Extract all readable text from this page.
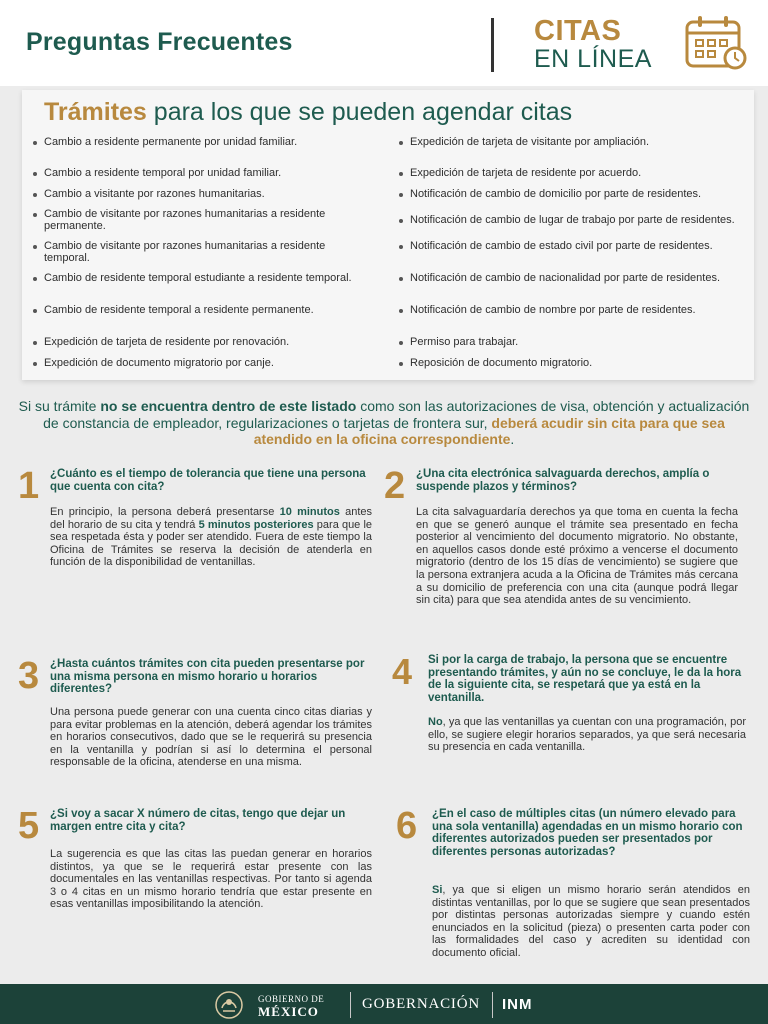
Preguntas Frecuentes	CITAS
EN LÍNEA
Trámites para los que se pueden agendar citas
Cambio a residente permanente por unidad familiar.
Cambio a residente temporal por unidad familiar.
Cambio a visitante por razones humanitarias.
Cambio de visitante por razones humanitarias a residente permanente.
Cambio de visitante por razones humanitarias a residente temporal.
Cambio de residente temporal estudiante a residente temporal.
Cambio de residente temporal a residente permanente.
Expedición de tarjeta de residente por renovación.
Expedición de documento migratorio por canje.
Expedición de tarjeta de visitante por ampliación.
Expedición de tarjeta de residente por acuerdo.
Notificación de cambio de domicilio por parte de residentes.
Notificación de cambio de lugar de trabajo por parte de residentes.
Notificación de cambio de estado civil por parte de residentes.
Notificación de cambio de nacionalidad por parte de residentes.
Notificación de cambio de nombre por parte de residentes.
Permiso para trabajar.
Reposición de documento migratorio.
Si su trámite no se encuentra dentro de este listado como son las autorizaciones de visa, obtención y actualización de constancia de empleador, regularizaciones o tarjetas de frontera sur, deberá acudir sin cita para que sea atendido en la oficina correspondiente.
1 ¿Cuánto es el tiempo de tolerancia que tiene una persona que cuenta con cita?
En principio, la persona deberá presentarse 10 minutos antes del horario de su cita y tendrá 5 minutos posteriores para que le sea respetada ésta y poder ser atendido. Fuera de este tiempo la Oficina de Trámites se reserva la decisión de atenderla en función de la disponibilidad de ventanillas.
2 ¿Una cita electrónica salvaguarda derechos, amplía o suspende plazos y términos?
La cita salvaguardaría derechos ya que toma en cuenta la fecha en que se generó aunque el trámite sea presentado en fecha posterior al vencimiento del documento migratorio. No obstante, en aquellos casos donde esté próximo a vencerse el documento migratorio (dentro de los 15 días de vencimiento) se sugiere que la persona extranjera acuda a la Oficina de Trámites más cercana a su domicilio de preferencia con una cita (aunque podrá llegar sin cita) para que sea atendida antes de su vencimiento.
3 ¿Hasta cuántos trámites con cita pueden presentarse por una misma persona en mismo horario u horarios diferentes?
Una persona puede generar con una cuenta cinco citas diarias y para evitar problemas en la atención, deberá agendar los trámites en horarios consecutivos, dado que se le requerirá su presencia en la ventanilla y podrían si así lo determina el personal responsable de la oficina, atenderse en una misma.
4 Si por la carga de trabajo, la persona que se encuentre presentando trámites, y aún no se concluye, le da la hora de la siguiente cita, se respetará que ya está en la ventanilla.
No, ya que las ventanillas ya cuentan con una programación, por ello, se sugiere elegir horarios separados, ya que será necesaria su presencia en cada ventanilla.
5 ¿Si voy a sacar X número de citas, tengo que dejar un margen entre cita y cita?
La sugerencia es que las citas las puedan generar en horarios distintos, ya que se le requerirá estar presente con las documentales en las ventanillas respectivas. Por tanto si agenda 3 o 4 citas en un mismo horario tendría que estar presente en esas ventanillas imposibilitando la atención.
6 ¿En el caso de múltiples citas (un número elevado para una sola ventanilla) agendadas en un mismo horario con diferentes autorizados pueden ser presentados por diferentes personas autorizadas?
Si, ya que si eligen un mismo horario serán atendidos en distintas ventanillas, por lo que se sugiere que sean presentados por distintas personas autorizadas siempre y cuando estén enunciados en la solicitud (pieza) o presenten carta poder con las formalidades del caso y acrediten su identidad con documento oficial.
GOBIERNO DE
MÉXICO	GOBERNACIÓN INM
